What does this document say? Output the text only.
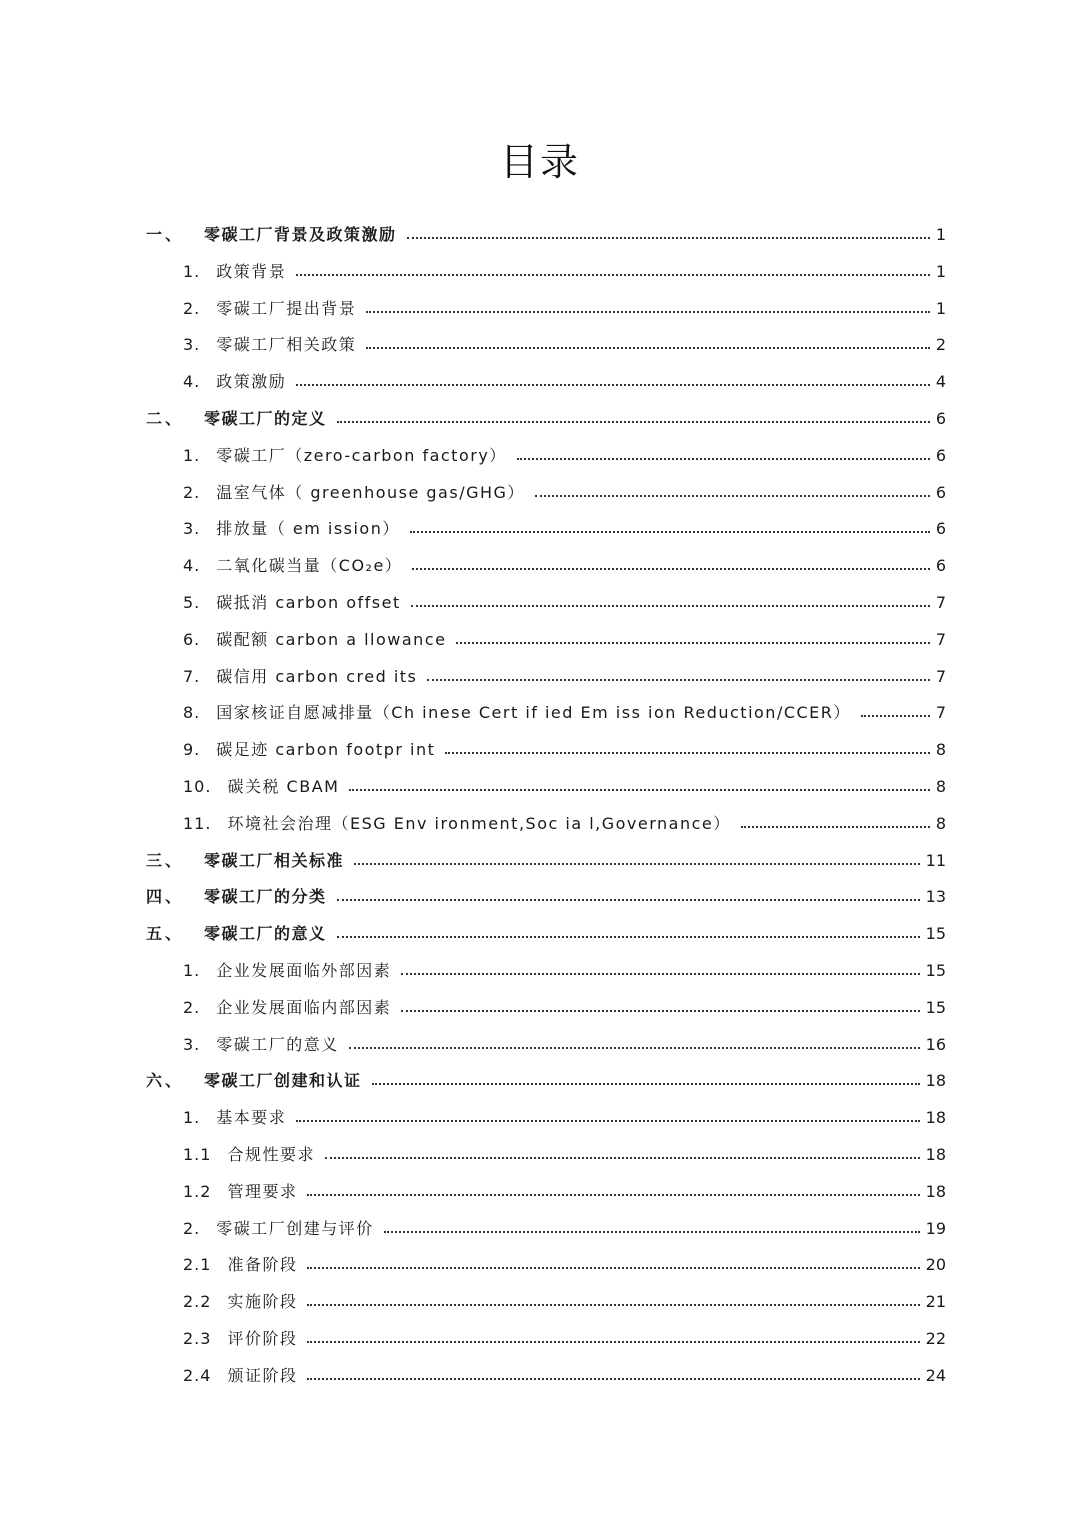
目录
一、	零碳工厂背景及政策激励	1
1. 政策背景	1
2. 零碳工厂提出背景	1
3. 零碳工厂相关政策	2
4. 政策激励	4
二、	零碳工厂的定义	6
1. 零碳工厂（zero-carbon factory）	6
2. 温室气体（ greenhouse gas/GHG）	6
3. 排放量（ em ission）	6
4. 二氧化碳当量（CO₂e）	6
5. 碳抵消 carbon offset	7
6. 碳配额 carbon a llowance	7
7. 碳信用 carbon cred its	7
8. 国家核证自愿减排量（Ch inese Cert if ied Em iss ion Reduction/CCER）	7
9. 碳足迹 carbon footpr int	8
10. 碳关税 CBAM	8
11. 环境社会治理（ESG Env ironment,Soc ia l,Governance）	8
三、	零碳工厂相关标准	11
四、	零碳工厂的分类	13
五、	零碳工厂的意义	15
1. 企业发展面临外部因素	15
2. 企业发展面临内部因素	15
3. 零碳工厂的意义	16
六、	零碳工厂创建和认证	18
1. 基本要求	18
1.1 合规性要求	18
1.2 管理要求	18
2. 零碳工厂创建与评价	19
2.1 准备阶段	20
2.2 实施阶段	21
2.3 评价阶段	22
2.4 颁证阶段	24
